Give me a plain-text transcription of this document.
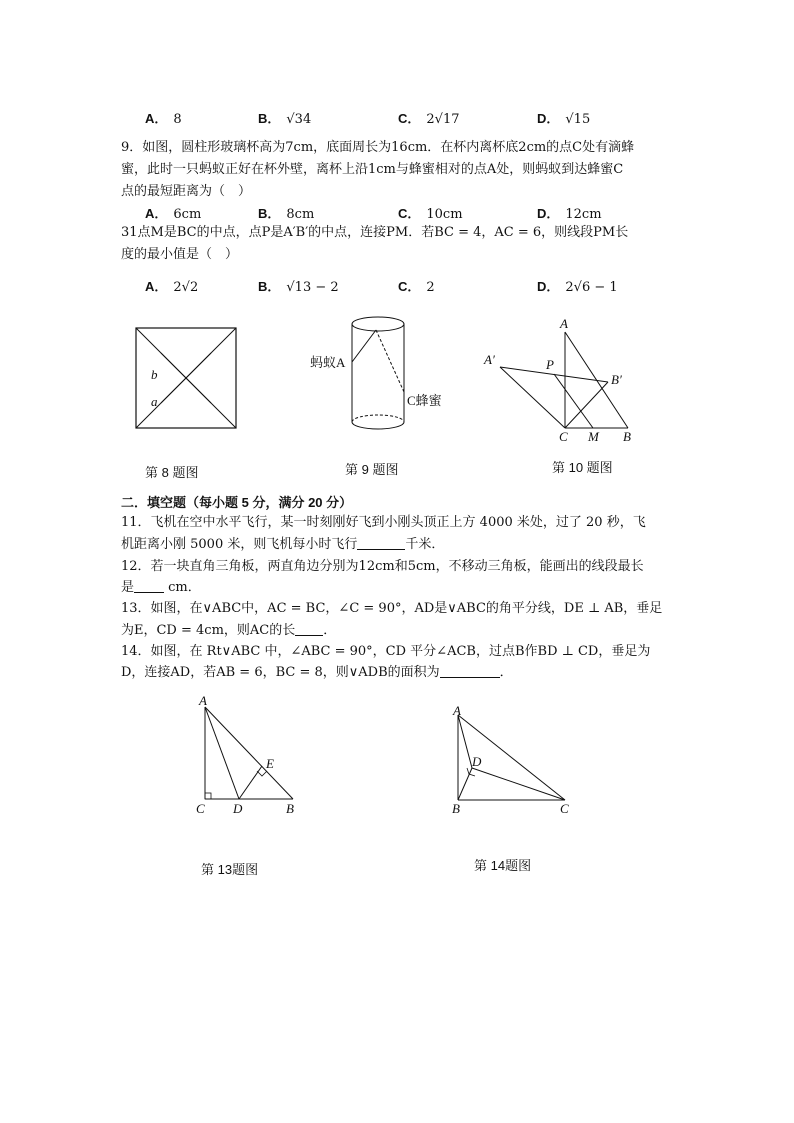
A． 8	B． √34	C． 2√17	D． √15
9．如图，圆柱形玻璃杯高为7cm，底面周长为16cm．在杯内离杯底2cm的点C处有滴蜂
蜜，此时一只蚂蚁正好在杯外壁，离杯上沿1cm与蜂蜜相对的点A处，则蚂蚁到达蜂蜜C
点的最短距离为（　）
A． 6cm	B． 8cm	C． 10cm	D． 12cm
31点M是BC的中点，点P是A′B′的中点，连接PM．若BC = 4，AC = 6，则线段PM长
度的最小值是（　）
A． 2√2	B． √13 − 2	C． 2	D． 2√6 − 1
b
a
第 8 题图
蚂蚁A
C蜂蜜
第 9 题图
A
A′	P
B′
C M B
第 10 题图
二．填空题（每小题 5 分，满分 20 分）
11．飞机在空中水平飞行，某一时刻刚好飞到小刚头顶正上方 4000 米处，过了 20 秒，飞
机距离小刚 5000 米，则飞机每小时飞行	千米．
12．若一块直角三角板，两直角边分别为12cm和5cm，不移动三角板，能画出的线段最长
是 cm．
13．如图，在∨ABC中，AC = BC，∠C = 90°，AD是∨ABC的角平分线，DE ⊥ AB，垂足
为E，CD = 4cm，则AC的长 ．
14．如图，在 Rt∨ABC 中，∠ABC = 90°，CD 平分∠ACB，过点B作BD ⊥ CD，垂足为
D，连接AD，若AB = 6，BC = 8，则∨ADB的面积为	．
A
E
C D	B
第 13题图
A
D
B	C
第 14题图
